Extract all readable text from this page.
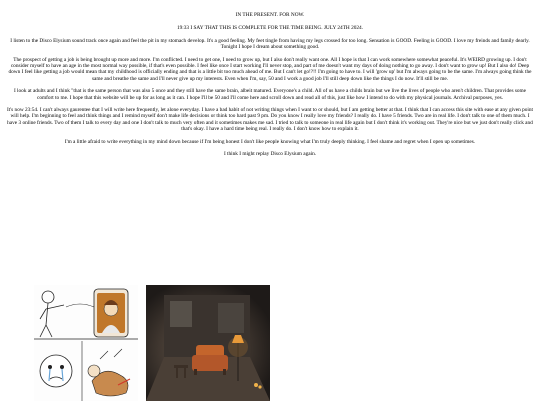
IN THE PRESENT. FOR NOW.

19:33 I SAY THAT THIS IS COMPLETE FOR THE TIME BEING. JULY 24TH 2024.

I listen to the Disco Elysium sound track once again and feel the pit in my stomach develop. It's a good feeling. My feet tingle from having my legs crossed for too long. Sensation is GOOD. Feeling is GOOD. I love my freinds and family dearly. Tonight I hope I dream about something good.

The prospect of getting a job is being brought up more and more. I'm conflicted. I need to get one, I need to grow up, but I also don't really want one. All I hope is that I can work somewhere somewhat peaceful. It's WEIRD growing up. I don't consider myself to have an age in the most normal way possible, if that's even possible. I feel like once I start working I'll never stop, and part of me doesn't want my days of doing nothing to go away. I don't want to grow up! But I also do! Deep down I feel like getting a job would mean that my childhood is officially ending and that is a little bit too much ahead of me. But I can't let go!?!! I'm going to have to. I will 'grow up' but I'm always going to be the same. I'm always going think the same and breathe the same and I'll never give up my interests. Even when I'm, say, 50 and I work a good job I'll still deep down like the things I do now. It'll still be me.

I look at adults and I think "that is the same person that was also 5 once and they still have the same brain, albeit matured. Everyone's a child. All of us have a childs brain but we live the lives of people who aren't children. That provides some comfort to me. I hope that this website will be up for as long as it can. I hope I'll be 50 and I'll come here and scroll down and read all of this, just like how I intend to do with my physical journals. Archival purposes, yes.

It's now 23:54. I can't always gaurentee that I will write here frequently, let alone everyday. I have a bad habit of not writing things when I want to or should, but I am getting better at that. I think that I can access this site with ease at any given point will help. I'm beginning to feel and think things and I remind myself don't make life decisions or think too hard past 9 pm. Do you know I really love my friends? I really do. I have 5 friends. Two are in real life. I don't talk to one of them much. I have 3 online friends. Two of them I talk to every day and one I don't talk to much very often and it sometimes makes me sad. I tried to talk to someone in real life again but I don't think it's working out. They're nice but we just don't really click and that's okay. I have a hard time being real. I really do. I don't know how to explain it.

I'm a little afraid to write everything in my mind down because if I'm being honest I don't like people knowing what I'm truly deeply thinking. I feel shame and regret when I open up sometimes.

I think I might replay Disco Elysium again.
